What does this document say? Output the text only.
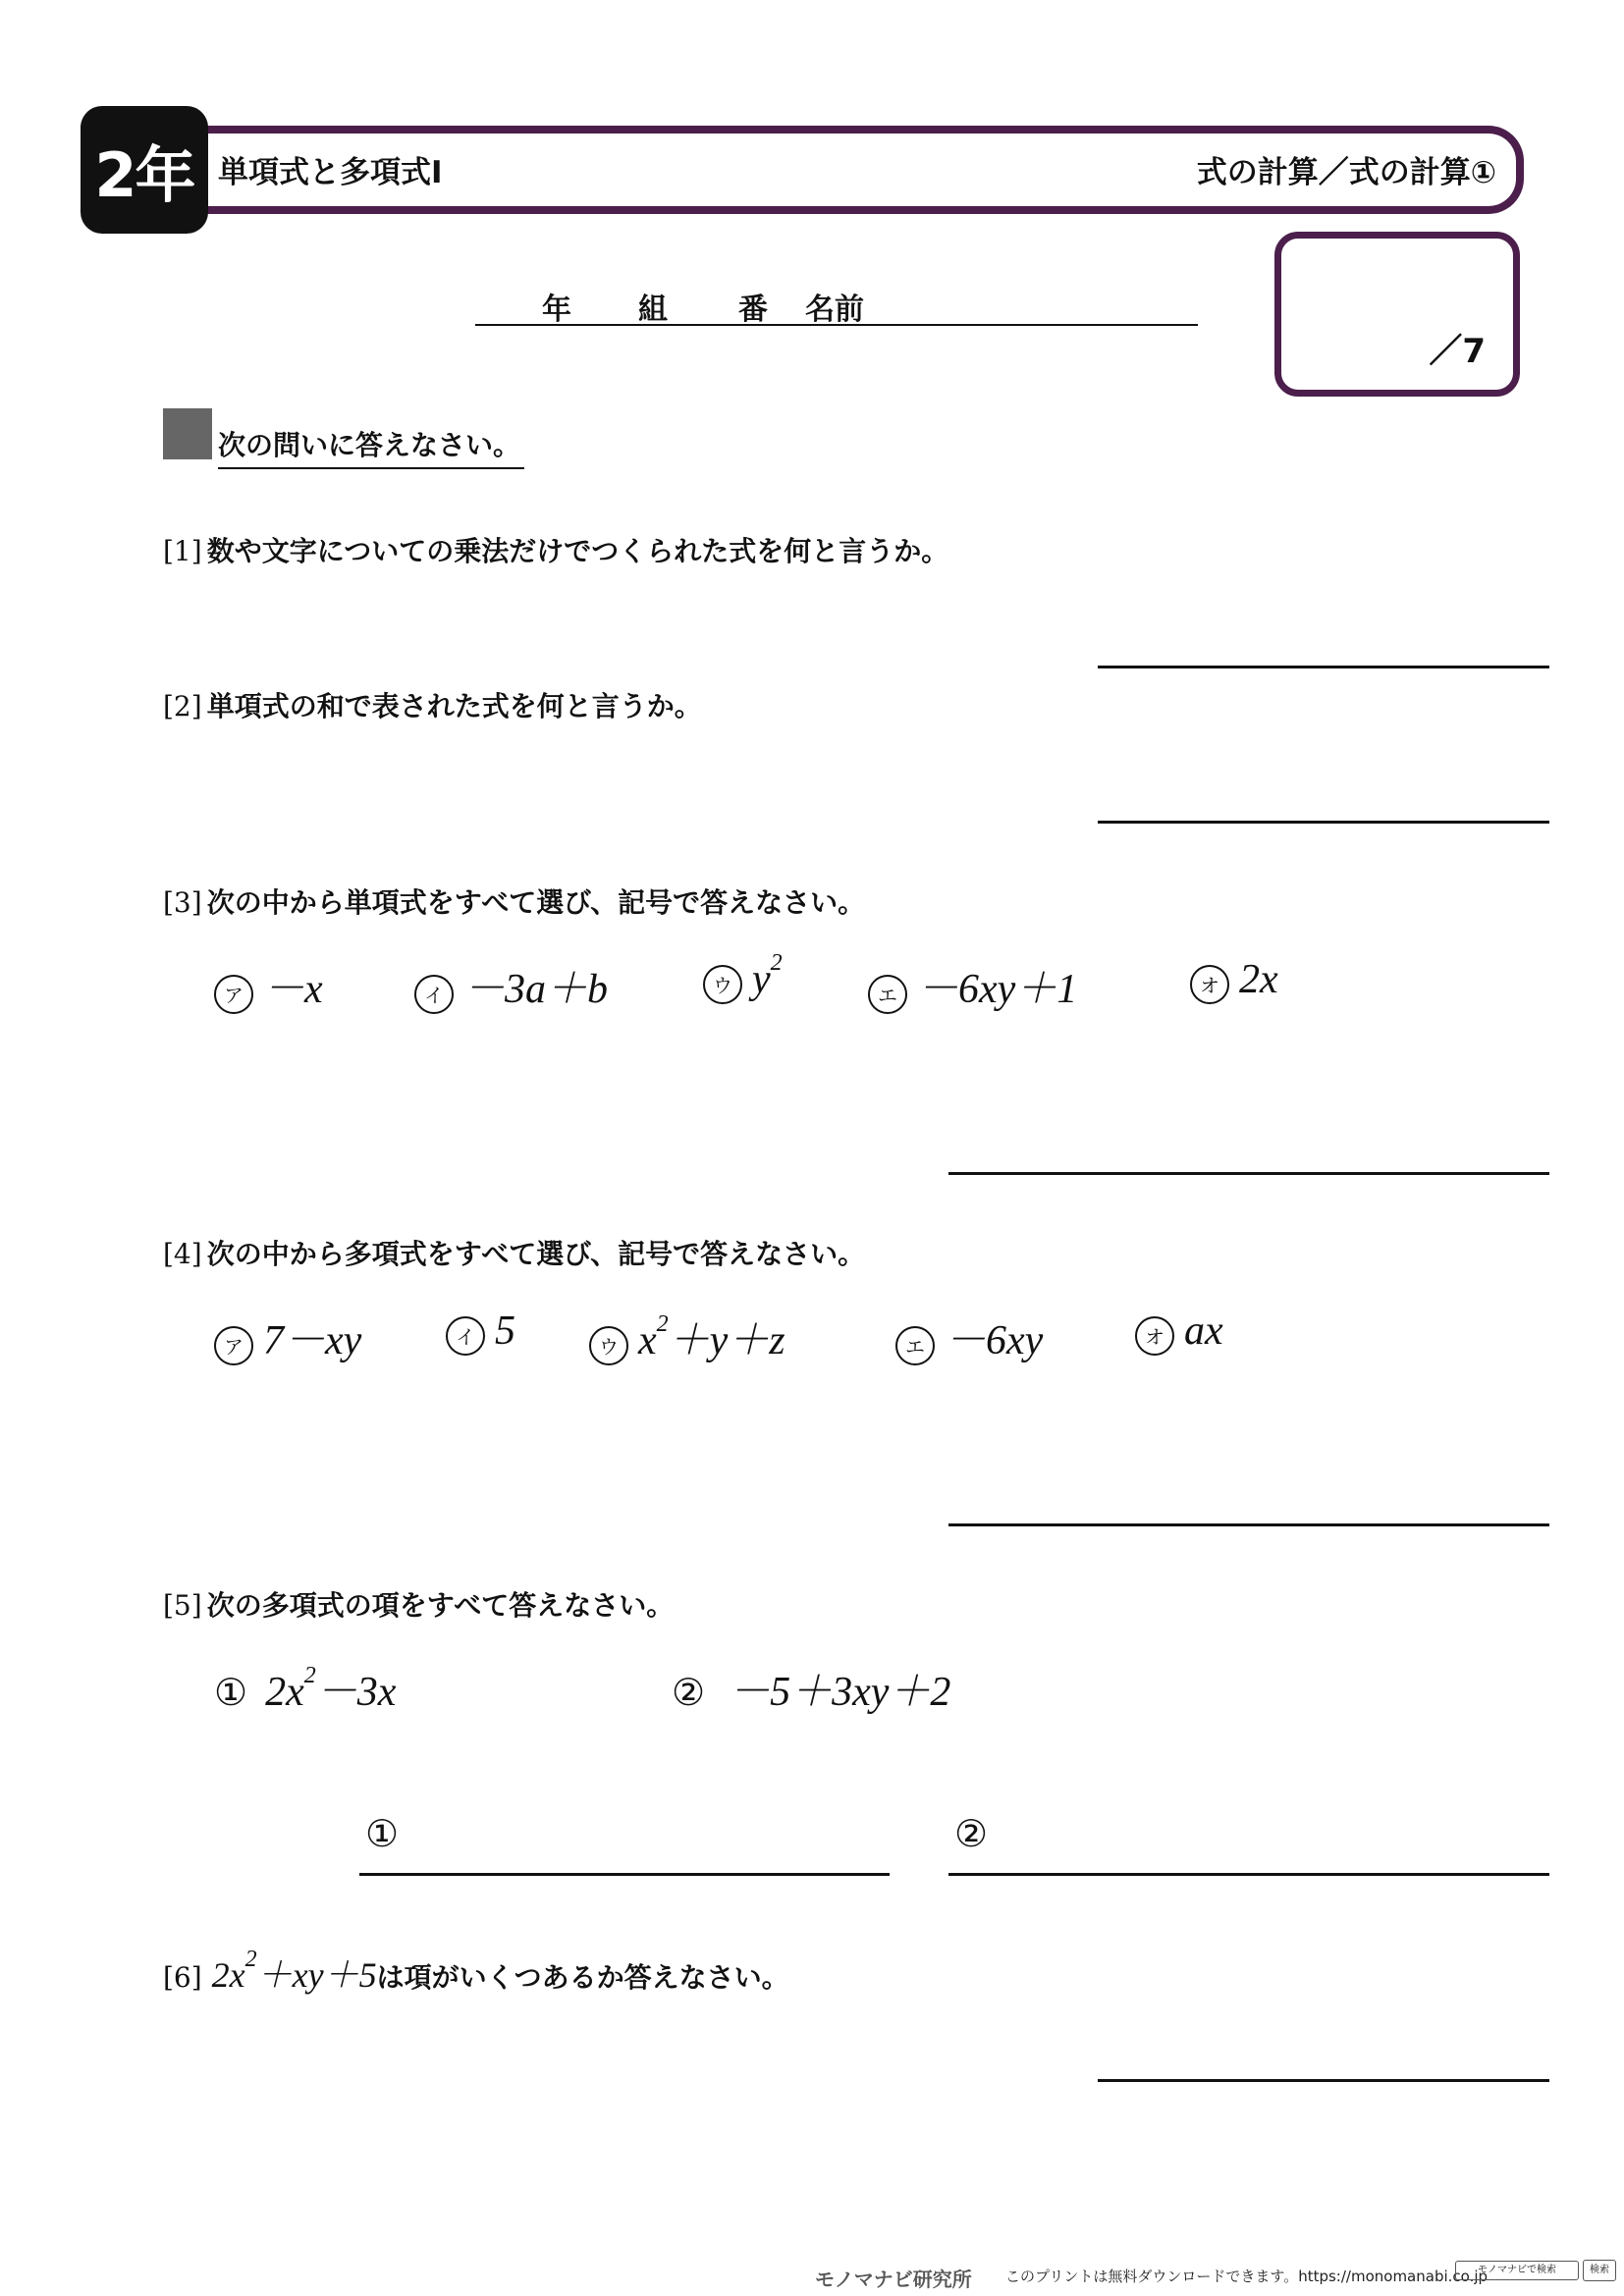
2年 単項式と多項式Ⅰ	式の計算／式の計算①
年 組 番 名前
／7
次の問いに答えなさい。
[1] 数や文字についての乗法だけでつくられた式を何と言うか。
[2] 単項式の和で表された式を何と言うか。
[3] 次の中から単項式をすべて選び、記号で答えなさい。
ア －x	イ －3a＋b	ウ $y^2$
エ －6xy＋1	オ 2x
[4] 次の中から多項式をすべて選び、記号で答えなさい。
ア 7－xy	イ 5	ウ $x^2+y+z$	エ －6xy	オ ax
[5] 次の多項式の項をすべて答えなさい。
① $2x^2-3x$	② －5＋3xy＋2
①	②
[6] $2x^2+xy+5$ は項がいくつあるか答えなさい。
モノマナビ研究所 このプリントは無料ダウンロードできます。https://monomanabi.co.jp
モノマナビで検索	検索
